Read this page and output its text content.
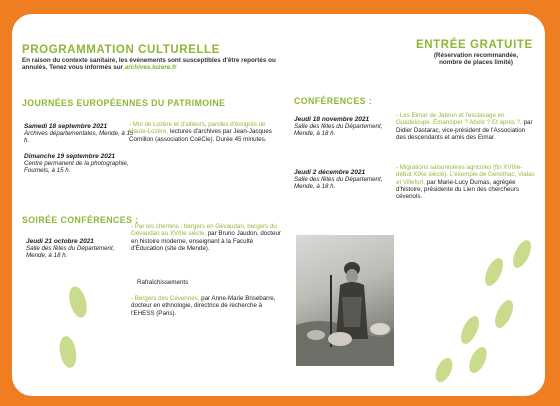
PROGRAMMATION CULTURELLE
En raison du contexte sanitaire, les événements sont susceptibles d'être reportés ou annulés. Tenez vous informés sur archives.lozere.fr
ENTRÉE GRATUITE
(Réservation recommandée, nombre de places limité)
JOURNÉES EUROPÉENNES DU PATRIMOINE
Samedi 18 septembre 2021
Archives départementales, Mende, à 15 h.
Dimanche 19 septembre 2021
Centre permanent de la photographie, Fournels, à 15 h.
- Moi de Lozère et d'ailleurs, paroles d'émigrés de Haute-Lozère, lectures d'archives par Jean-Jacques Cornillon (association CoëCie). Durée 45 minutes.
SOIRÉE CONFÉRENCES :
Jeudi 21 octobre 2021
Salle des fêtes du Département, Mende, à 18 h.
- Par les chemins : bergers en Gévaudan, bergers du Gévaudan au XVIIIe siècle, par Bruno Jaudon, docteur en histoire moderne, enseignant à la Faculté d'Éducation (site de Mende).
Rafraîchissements
- Bergers des Cévennes, par Anne-Marie Brisebarre, docteur en ethnologie, directrice de recherche à l'EHESS (Paris).
CONFÉRENCES :
Jeudi 18 novembre 2021
Salle des fêtes du Département, Mende, à 18 h.
- Les Eimar de Jabrun et l'esclavage en Guadeloupe. Émanciper ? Abolir ? Et après ?, par Didier Dastarac, vice-président de l'Association des descendants et amis des Eimar.
Jeudi 2 décembre 2021
Salle des fêtes du Département, Mende, à 18 h.
- Migrations saisonnières agricoles (fin XVIIIe-début XIXe siècle). L'exemple de Genolhac, Vialas et Villefort, par Marie-Lucy Dumas, agrégée d'histoire, présidente du Lien des chercheurs cévenols.
